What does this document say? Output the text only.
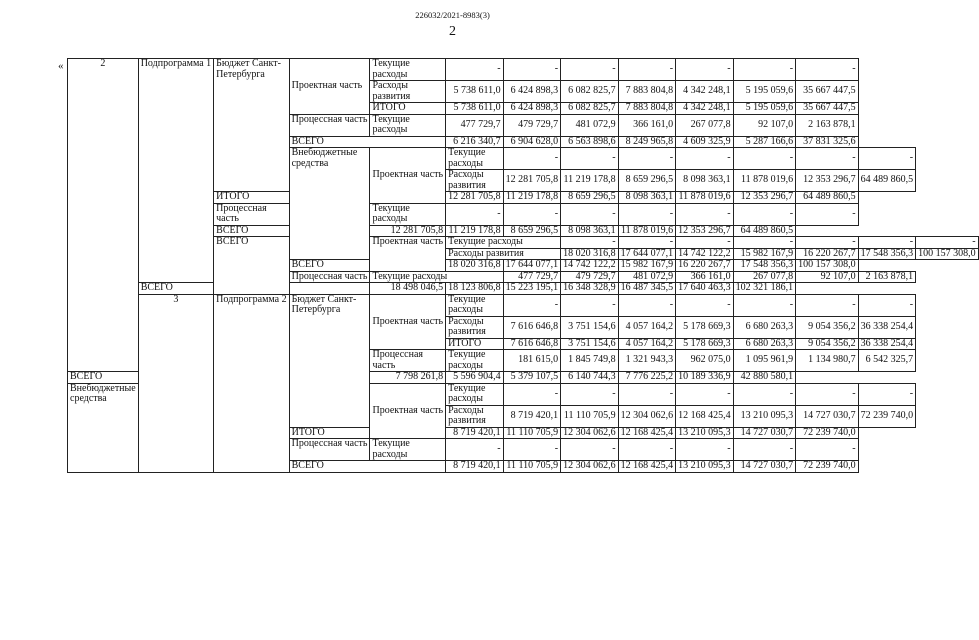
226032/2021-8983(3)
2
«	2	Подпрограмма 1	Бюджет Санкт-Петербурга	Проектная часть	Текущие расходы	-	-	-	-	-	-	-		
				Расходы развития	5 738 611,0	6 424 898,3	6 082 825,7	7 883 804,8	4 342 248,1	5 195 059,6	35 667 447,5		
				ИТОГО	5 738 611,0	6 424 898,3	6 082 825,7	7 883 804,8	4 342 248,1	5 195 059,6	35 667 447,5		
			Процессная часть	Текущие расходы	477 729,7	479 729,7	481 072,9	366 161,0	267 077,8	92 107,0	2 163 878,1		
			ВСЕГО		6 216 340,7	6 904 628,0	6 563 898,6	8 249 965,8	4 609 325,9	5 287 166,6	37 831 325,6		
			Внебюджетные средства	Проектная часть	Текущие расходы	-	-	-	-	-	-	-	
					Расходы развития	12 281 705,8	11 219 178,8	8 659 296,5	8 098 363,1	11 878 019,6	12 353 296,7	64 489 860,5	
		ИТОГО			12 281 705,8	11 219 178,8	8 659 296,5	8 098 363,1	11 878 019,6	12 353 296,7	64 489 860,5		
		Процессная часть		Текущие расходы	-	-	-	-	-	-	-		
		ВСЕГО		12 281 705,8	11 219 178,8	8 659 296,5	8 098 363,1	11 878 019,6	12 353 296,7	64 489 860,5			
		ВСЕГО		Проектная часть	Текущие расходы		-	-	-	-	-	-	-
					Расходы развития		18 020 316,8	17 644 077,1	14 742 122,2	15 982 167,9	16 220 267,7	17 548 356,3	100 157 308,0
			ВСЕГО		18 020 316,8	17 644 077,1	14 742 122,2	15 982 167,9	16 220 267,7	17 548 356,3	100 157 308,0		
			Процессная часть	Текущие расходы		477 729,7	479 729,7	481 072,9	366 161,0	267 077,8	92 107,0	2 163 878,1	
	ВСЕГО			18 498 046,5	18 123 806,8	15 223 195,1	16 348 328,9	16 487 345,5	17 640 463,3	102 321 186,1			
	3	Подпрограмма 2	Бюджет Санкт-Петербурга	Проектная часть	Текущие расходы	-	-	-	-	-	-	-	
					Расходы развития	7 616 646,8	3 751 154,6	4 057 164,2	5 178 669,3	6 680 263,3	9 054 356,2	36 338 254,4	
					ИТОГО	7 616 646,8	3 751 154,6	4 057 164,2	5 178 669,3	6 680 263,3	9 054 356,2	36 338 254,4	
				Процессная часть	Текущие расходы	181 615,0	1 845 749,8	1 321 943,3	962 075,0	1 095 961,9	1 134 980,7	6 542 325,7	
ВСЕГО				7 798 261,8	5 596 904,4	5 379 107,5	6 140 744,3	7 776 225,2	10 189 336,9	42 880 580,1			
Внебюджетные средства				Проектная часть	Текущие расходы	-	-	-	-	-	-	-	
					Расходы развития	8 719 420,1	11 110 705,9	12 304 062,6	12 168 425,4	13 210 095,3	14 727 030,7	72 239 740,0	
			ИТОГО		8 719 420,1	11 110 705,9	12 304 062,6	12 168 425,4	13 210 095,3	14 727 030,7	72 239 740,0		
			Процессная часть	Текущие расходы	-	-	-	-	-	-	-		
			ВСЕГО		8 719 420,1	11 110 705,9	12 304 062,6	12 168 425,4	13 210 095,3	14 727 030,7	72 239 740,0		
